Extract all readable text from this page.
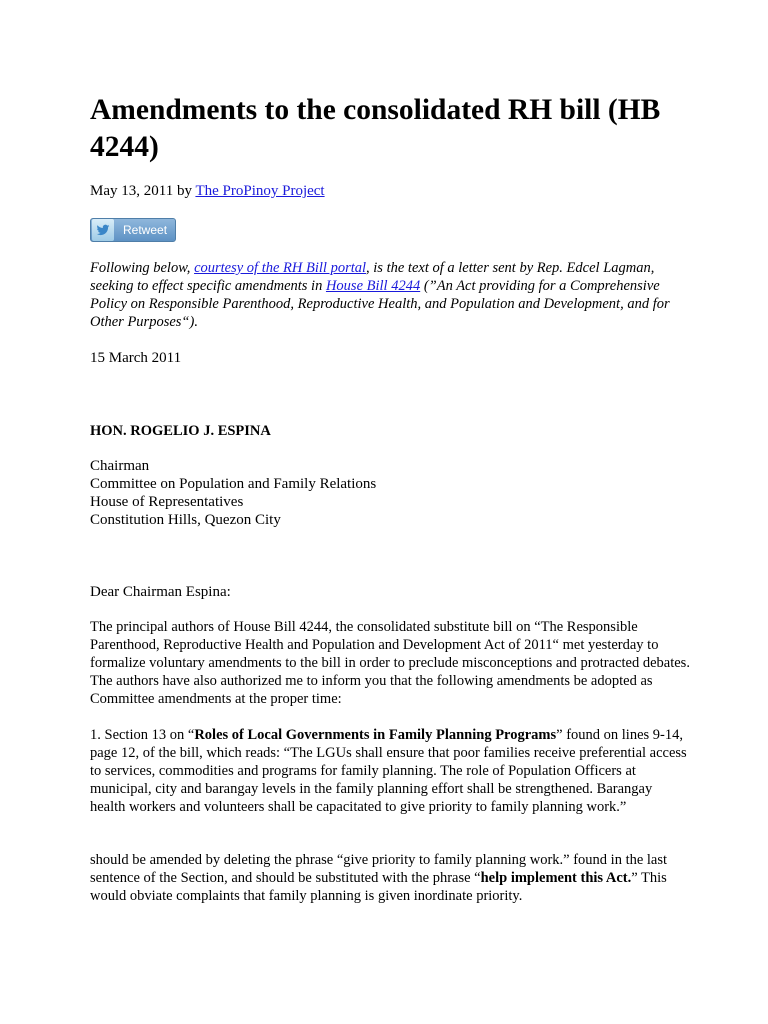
Amendments to the consolidated RH bill (HB 4244)
May 13, 2011 by The ProPinoy Project
Retweet

Following below, courtesy of the RH Bill portal, is the text of a letter sent by Rep. Edcel Lagman, seeking to effect specific amendments in House Bill 4244 (”An Act providing for a Comprehensive Policy on Responsible Parenthood, Reproductive Health, and Population and Development, and for Other Purposes“).

15 March 2011
HON. ROGELIO J. ESPINA
Chairman
Committee on Population and Family Relations
House of Representatives
Constitution Hills, Quezon City
Dear Chairman Espina:

The principal authors of House Bill 4244, the consolidated substitute bill on “The Responsible Parenthood, Reproductive Health and Population and Development Act of 2011“ met yesterday to formalize voluntary amendments to the bill in order to preclude misconceptions and protracted debates. The authors have also authorized me to inform you that the following amendments be adopted as Committee amendments at the proper time:

1. Section 13 on “Roles of Local Governments in Family Planning Programs” found on lines 9-14, page 12, of the bill, which reads: “The LGUs shall ensure that poor families receive preferential access to services, commodities and programs for family planning. The role of Population Officers at municipal, city and barangay levels in the family planning effort shall be strengthened. Barangay health workers and volunteers shall be capacitated to give priority to family planning work.”

should be amended by deleting the phrase “give priority to family planning work.” found in the last sentence of the Section, and should be substituted with the phrase “help implement this Act.” This would obviate complaints that family planning is given inordinate priority.
